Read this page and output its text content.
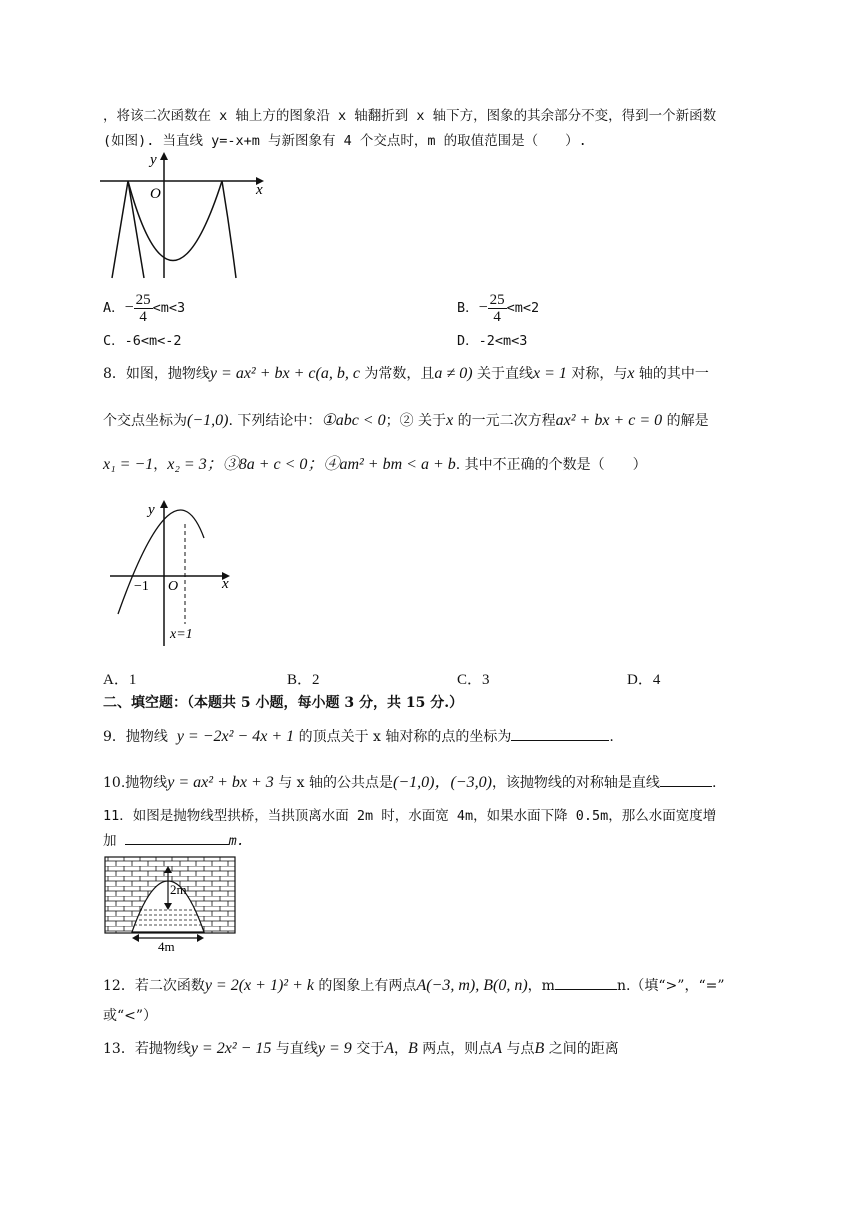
，将该二次函数在 x 轴上方的图象沿 x 轴翻折到 x 轴下方，图象的其余部分不变，得到一个新函数
(如图). 当直线 y=-x+m 与新图象有 4 个交点时，m 的取值范围是（　　）.
y
O	x
A．− $\frac{25}{4} <m<3$	B．− $\frac{25}{4} <m<2$
C．-6<m<-2	D．-2<m<3
8．如图，抛物线y = ax² + bx + c(a, b, c 为常数，且a ≠ 0) 关于直线x = 1 对称，与x 轴的其中一
个交点坐标为(−1,0). 下列结论中：①abc < 0；② 关于x 的一元二次方程ax² + bx + c = 0 的解是
x₁ = −1，x₂ = 3；③8a + c < 0；④am² + bm < a + b. 其中不正确的个数是（　　）
y
x
O
−1
x=1
A．1	B．2	C．3	D．4
二、填空题：（本题共 5 小题，每小题 3 分，共 15 分.）
9．抛物线 y = −2x² − 4x + 1 的顶点关于 x 轴对称的点的坐标为	.
10.抛物线y = ax² + bx + 3 与 x 轴的公共点是(−1,0)，(−3,0)，该抛物线的对称轴是直线	.
11．如图是抛物线型拱桥，当拱顶离水面 2m 时，水面宽 4m，如果水面下降 0.5m，那么水面宽度增
加	m.
2m
4m
12．若二次函数y = 2(x + 1)² + k 的图象上有两点A(−3, m), B(0, n)，m	n.（填“>”，“=”
或“<”）
13．若抛物线y = 2x² − 15 与直线y = 9 交于A，B 两点，则点A 与点B 之间的距离
